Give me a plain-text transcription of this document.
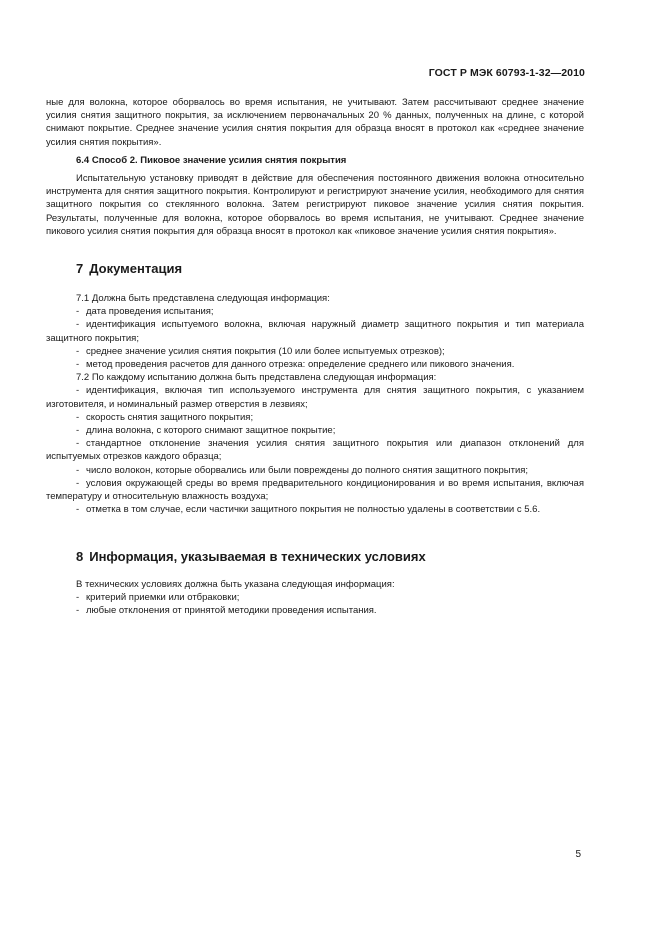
ГОСТ Р МЭК 60793-1-32—2010

ные для волокна, которое оборвалось во время испытания, не учитывают. Затем рассчитывают среднее значение усилия снятия защитного покрытия, за исключением первоначальных 20 % данных, полученных на длине, с которой снимают покрытие. Среднее значение усилия снятия покрытия для образца вносят в протокол как «среднее значение усилия снятия покрытия».

6.4 Способ 2. Пиковое значение усилия снятия покрытия

Испытательную установку приводят в действие для обеспечения постоянного движения волокна относительно инструмента для снятия защитного покрытия. Контролируют и регистрируют значение усилия, необходимого для снятия защитного покрытия со стеклянного волокна. Затем регистрируют пиковое значение усилия снятия покрытия. Результаты, полученные для волокна, которое оборвалось во время испытания, не учитывают. Среднее значение пикового усилия снятия покрытия для образца вносят в протокол как «пиковое значение усилия снятия покрытия».

7 Документация

7.1 Должна быть представлена следующая информация:

- дата проведения испытания;

- идентификация испытуемого волокна, включая наружный диаметр защитного покрытия и тип материала защитного покрытия;

- среднее значение усилия снятия покрытия (10 или более испытуемых отрезков);

- метод проведения расчетов для данного отрезка: определение среднего или пикового значения.

7.2 По каждому испытанию должна быть представлена следующая информация:

- идентификация, включая тип используемого инструмента для снятия защитного покрытия, с указанием изготовителя, и номинальный размер отверстия в лезвиях;

- скорость снятия защитного покрытия;

- длина волокна, с которого снимают защитное покрытие;

- стандартное отклонение значения усилия снятия защитного покрытия или диапазон отклонений для испытуемых отрезков каждого образца;

- число волокон, которые оборвались или были повреждены до полного снятия защитного покрытия;

- условия окружающей среды во время предварительного кондиционирования и во время испытания, включая температуру и относительную влажность воздуха;

- отметка в том случае, если частички защитного покрытия не полностью удалены в соответствии с 5.6.

8 Информация, указываемая в технических условиях

В технических условиях должна быть указана следующая информация:

- критерий приемки или отбраковки;

- любые отклонения от принятой методики проведения испытания.

5
